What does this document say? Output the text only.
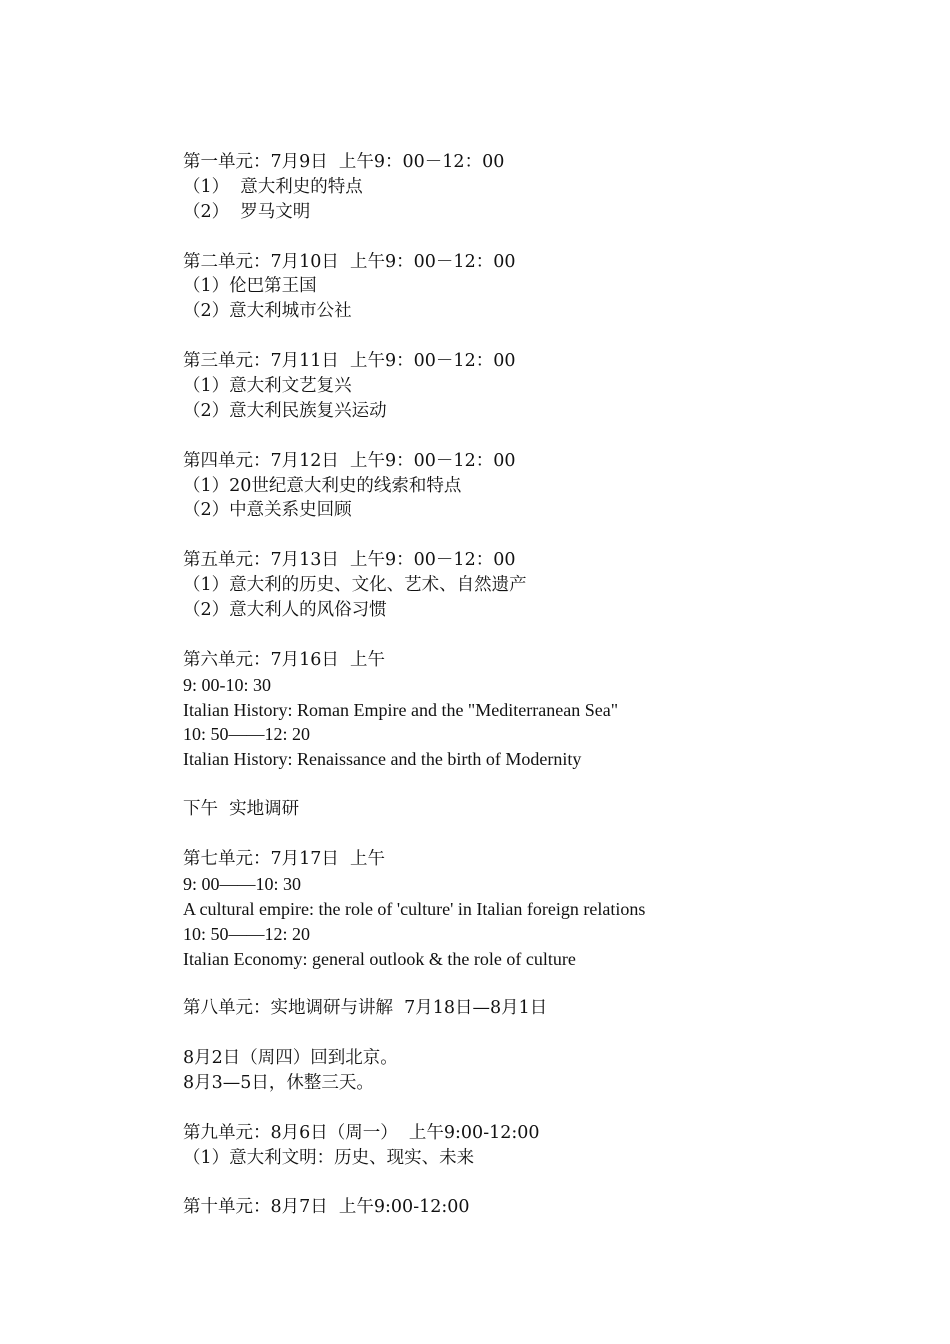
第一单元：7月9日  上午9：00－12：00
（1）  意大利史的特点
（2）  罗马文明
第二单元：7月10日  上午9：00－12：00
（1）伦巴第王国
（2）意大利城市公社
第三单元：7月11日  上午9：00－12：00
（1）意大利文艺复兴
（2）意大利民族复兴运动
第四单元：7月12日  上午9：00－12：00
（1）20世纪意大利史的线索和特点
（2）中意关系史回顾
第五单元：7月13日  上午9：00－12：00
（1）意大利的历史、文化、艺术、自然遗产
（2）意大利人的风俗习惯
第六单元：7月16日  上午
9: 00-10: 30
Italian History: Roman Empire and the "Mediterranean Sea"
10: 50——12: 20
Italian History: Renaissance and the birth of Modernity
下午  实地调研
第七单元：7月17日  上午
9: 00——10: 30
A cultural empire: the role of 'culture' in Italian foreign relations
10: 50——12: 20
Italian Economy: general outlook & the role of culture
第八单元：实地调研与讲解  7月18日—8月1日
8月2日（周四）回到北京。
8月3—5日，休整三天。
第九单元：8月6日（周一）  上午9:00-12:00
（1）意大利文明：历史、现实、未来
第十单元：8月7日  上午9:00-12:00
